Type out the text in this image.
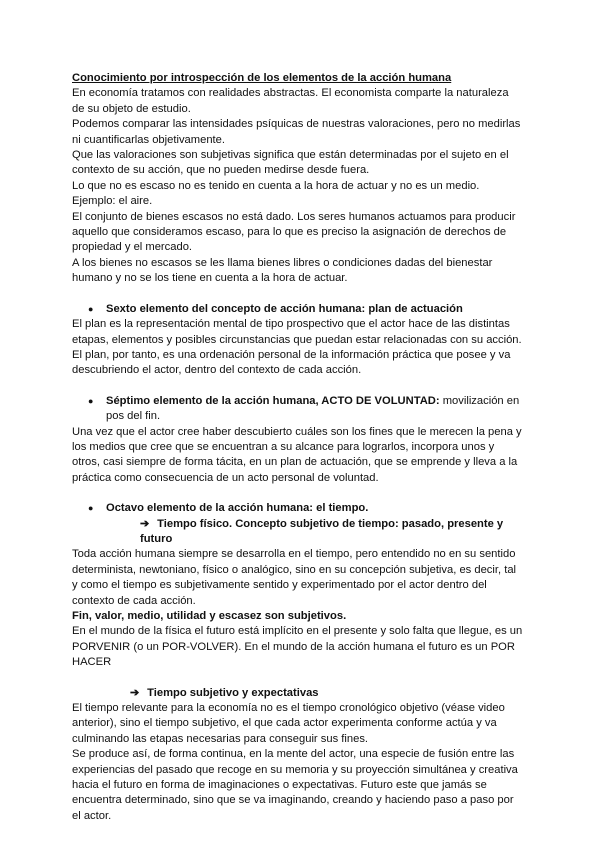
Conocimiento por introspección de los elementos de la acción humana

En economía tratamos con realidades abstractas. El economista comparte la naturaleza de su objeto de estudio.

Podemos comparar las intensidades psíquicas de nuestras valoraciones, pero no medirlas ni cuantificarlas objetivamente.

Que las valoraciones son subjetivas significa que están determinadas por el sujeto en el contexto de su acción, que no pueden medirse desde fuera.

Lo que no es escaso no es tenido en cuenta a la hora de actuar y no es un medio. Ejemplo: el aire.

El conjunto de bienes escasos no está dado. Los seres humanos actuamos para producir aquello que consideramos escaso, para lo que es preciso la asignación de derechos de propiedad y el mercado.

A los bienes no escasos se les llama bienes libres o condiciones dadas del bienestar humano y no se los tiene en cuenta a la hora de actuar.

● Sexto elemento del concepto de acción humana: plan de actuación

El plan es la representación mental de tipo prospectivo que el actor hace de las distintas etapas, elementos y posibles circunstancias que puedan estar relacionadas con su acción.

El plan, por tanto, es una ordenación personal de la información práctica que posee y va descubriendo el actor, dentro del contexto de cada acción.

● Séptimo elemento de la acción humana, ACTO DE VOLUNTAD: movilización en pos del fin.

Una vez que el actor cree haber descubierto cuáles son los fines que le merecen la pena y los medios que cree que se encuentran a su alcance para lograrlos, incorpora unos y otros, casi siempre de forma tácita, en un plan de actuación, que se emprende y lleva a la práctica como consecuencia de un acto personal de voluntad.

● Octavo elemento de la acción humana: el tiempo.

➔ Tiempo físico. Concepto subjetivo de tiempo: pasado, presente y futuro

Toda acción humana siempre se desarrolla en el tiempo, pero entendido no en su sentido determinista, newtoniano, físico o analógico, sino en su concepción subjetiva, es decir, tal y como el tiempo es subjetivamente sentido y experimentado por el actor dentro del contexto de cada acción.

Fin, valor, medio, utilidad y escasez son subjetivos.

En el mundo de la física el futuro está implícito en el presente y solo falta que llegue, es un PORVENIR (o un POR-VOLVER). En el mundo de la acción humana el futuro es un POR HACER

➔ Tiempo subjetivo y expectativas

El tiempo relevante para la economía no es el tiempo cronológico objetivo (véase video anterior), sino el tiempo subjetivo, el que cada actor experimenta conforme actúa y va culminando las etapas necesarias para conseguir sus fines.

Se produce así, de forma continua, en la mente del actor, una especie de fusión entre las experiencias del pasado que recoge en su memoria y su proyección simultánea y creativa hacia el futuro en forma de imaginaciones o expectativas. Futuro este que jamás se encuentra determinado, sino que se va imaginando, creando y haciendo paso a paso por el actor.
